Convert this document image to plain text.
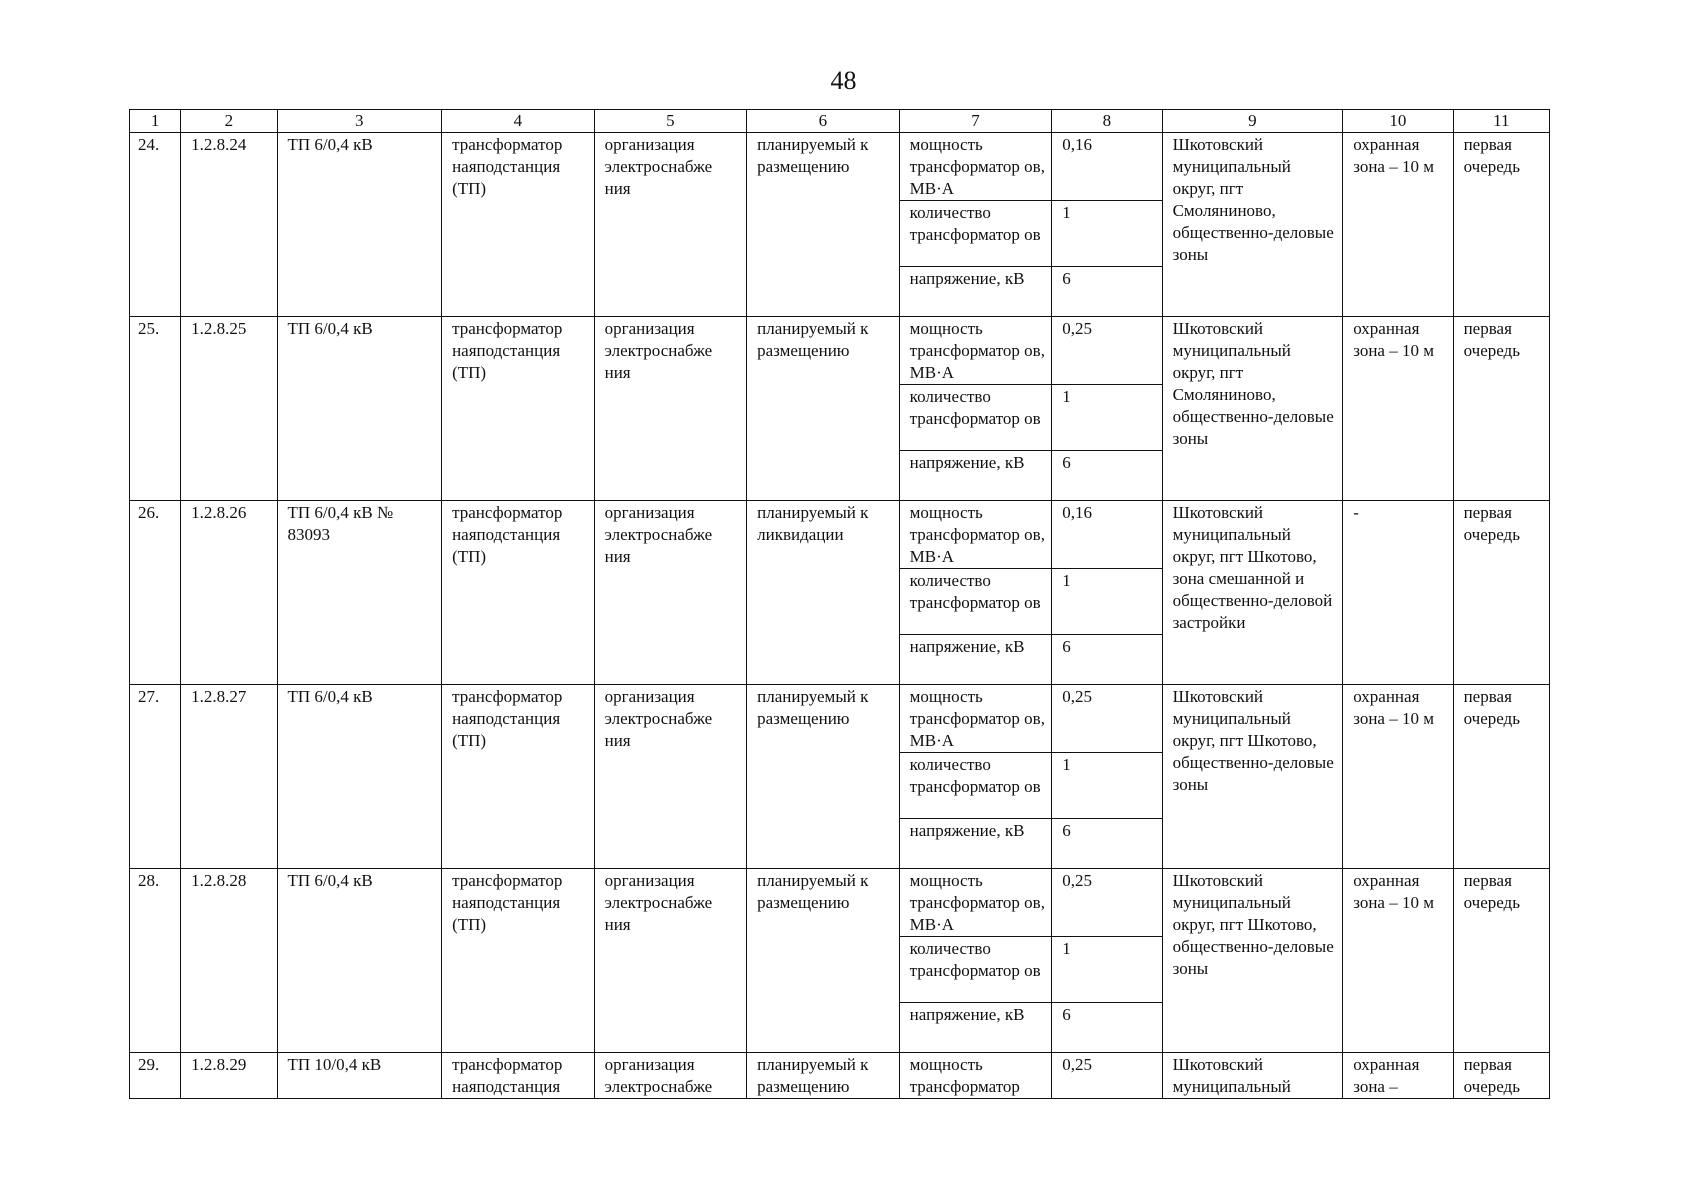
48
1	2	3	4	5	6	7	8	9	10	11
24.	1.2.8.24	ТП 6/0,4 кВ	трансформатор наяподстанция (ТП)	организация электроснабже ния	планируемый к размещению	мощность трансформатор ов, МВ·А	0,16	Шкотовский муниципальный округ, пгт Смоляниново, общественно-деловые зоны	охранная зона – 10 м	первая очередь
						количество трансформатор ов	1			
						напряжение, кВ	6			
25.	1.2.8.25	ТП 6/0,4 кВ	трансформатор наяподстанция (ТП)	организация электроснабже ния	планируемый к размещению	мощность трансформатор ов, МВ·А	0,25	Шкотовский муниципальный округ, пгт Смоляниново, общественно-деловые зоны	охранная зона – 10 м	первая очередь
						количество трансформатор ов	1			
						напряжение, кВ	6			
26.	1.2.8.26	ТП 6/0,4 кВ № 83093	трансформатор наяподстанция (ТП)	организация электроснабже ния	планируемый к ликвидации	мощность трансформатор ов, МВ·А	0,16	Шкотовский муниципальный округ, пгт Шкотово, зона смешанной и общественно-деловой застройки	-	первая очередь
						количество трансформатор ов	1			
						напряжение, кВ	6			
27.	1.2.8.27	ТП 6/0,4 кВ	трансформатор наяподстанция (ТП)	организация электроснабже ния	планируемый к размещению	мощность трансформатор ов, МВ·А	0,25	Шкотовский муниципальный округ, пгт Шкотово, общественно-деловые зоны	охранная зона – 10 м	первая очередь
						количество трансформатор ов	1			
						напряжение, кВ	6			
28.	1.2.8.28	ТП 6/0,4 кВ	трансформатор наяподстанция (ТП)	организация электроснабже ния	планируемый к размещению	мощность трансформатор ов, МВ·А	0,25	Шкотовский муниципальный округ, пгт Шкотово, общественно-деловые зоны	охранная зона – 10 м	первая очередь
						количество трансформатор ов	1			
						напряжение, кВ	6			
29.	1.2.8.29	ТП 10/0,4 кВ	трансформатор наяподстанция	организация электроснабже	планируемый к размещению	мощность трансформатор	0,25	Шкотовский муниципальный	охранная зона –	первая очередь
